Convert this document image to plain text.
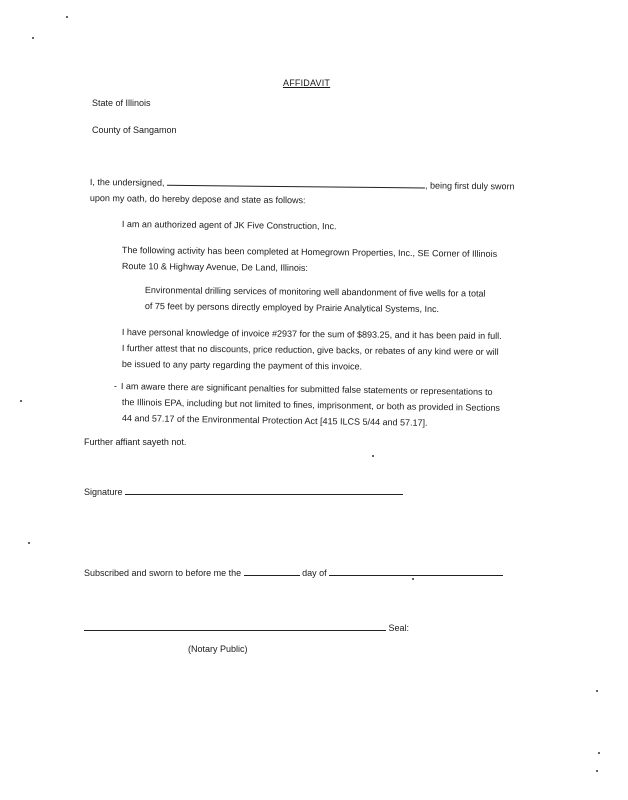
AFFIDAVIT
State of Illinois
County of Sangamon
I, the undersigned,	, being first duly sworn
upon my oath, do hereby depose and state as follows:
I am an authorized agent of JK Five Construction, Inc.
The following activity has been completed at Homegrown Properties, Inc., SE Corner of Illinois
Route 10 & Highway Avenue, De Land, Illinois:
Environmental drilling services of monitoring well abandonment of five wells for a total
of 75 feet by persons directly employed by Prairie Analytical Systems, Inc.
I have personal knowledge of invoice #2937 for the sum of $893.25, and it has been paid in full.
I further attest that no discounts, price reduction, give backs, or rebates of any kind were or will
be issued to any party regarding the payment of this invoice.
- I am aware there are significant penalties for submitted false statements or representations to
the Illinois EPA, including but not limited to fines, imprisonment, or both as provided in Sections
44 and 57.17 of the Environmental Protection Act [415 ILCS 5/44 and 57.17].
Further affiant sayeth not.
Signature
Subscribed and sworn to before me the	day of
Seal:
(Notary Public)
